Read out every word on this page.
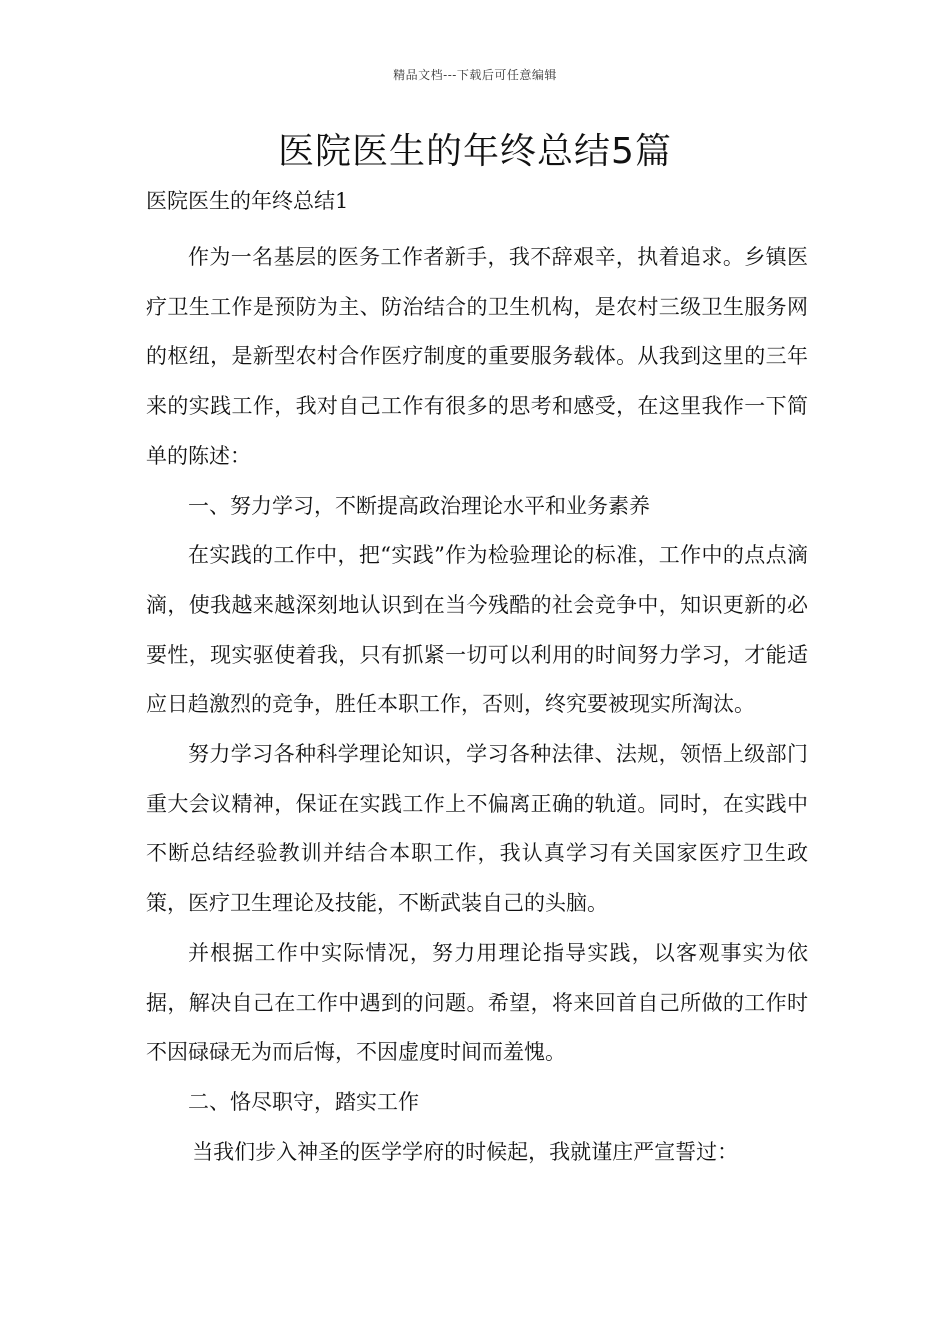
精品文档---下载后可任意编辑
医院医生的年终总结5篇
医院医生的年终总结1

作为一名基层的医务工作者新手，我不辞艰辛，执着追求。乡镇医疗卫生工作是预防为主、防治结合的卫生机构，是农村三级卫生服务网的枢纽，是新型农村合作医疗制度的重要服务载体。从我到这里的三年来的实践工作，我对自己工作有很多的思考和感受，在这里我作一下简单的陈述：

一、努力学习，不断提高政治理论水平和业务素养

在实践的工作中，把“实践”作为检验理论的标准，工作中的点点滴滴，使我越来越深刻地认识到在当今残酷的社会竞争中，知识更新的必要性，现实驱使着我，只有抓紧一切可以利用的时间努力学习，才能适应日趋激烈的竞争，胜任本职工作，否则，终究要被现实所淘汰。

努力学习各种科学理论知识，学习各种法律、法规，领悟上级部门重大会议精神，保证在实践工作上不偏离正确的轨道。同时，在实践中不断总结经验教训并结合本职工作，我认真学习有关国家医疗卫生政策，医疗卫生理论及技能，不断武装自己的头脑。

并根据工作中实际情况，努力用理论指导实践，以客观事实为依据，解决自己在工作中遇到的问题。希望，将来回首自己所做的工作时不因碌碌无为而后悔，不因虚度时间而羞愧。

二、恪尽职守，踏实工作

当我们步入神圣的医学学府的时候起，我就谨庄严宣誓过：
